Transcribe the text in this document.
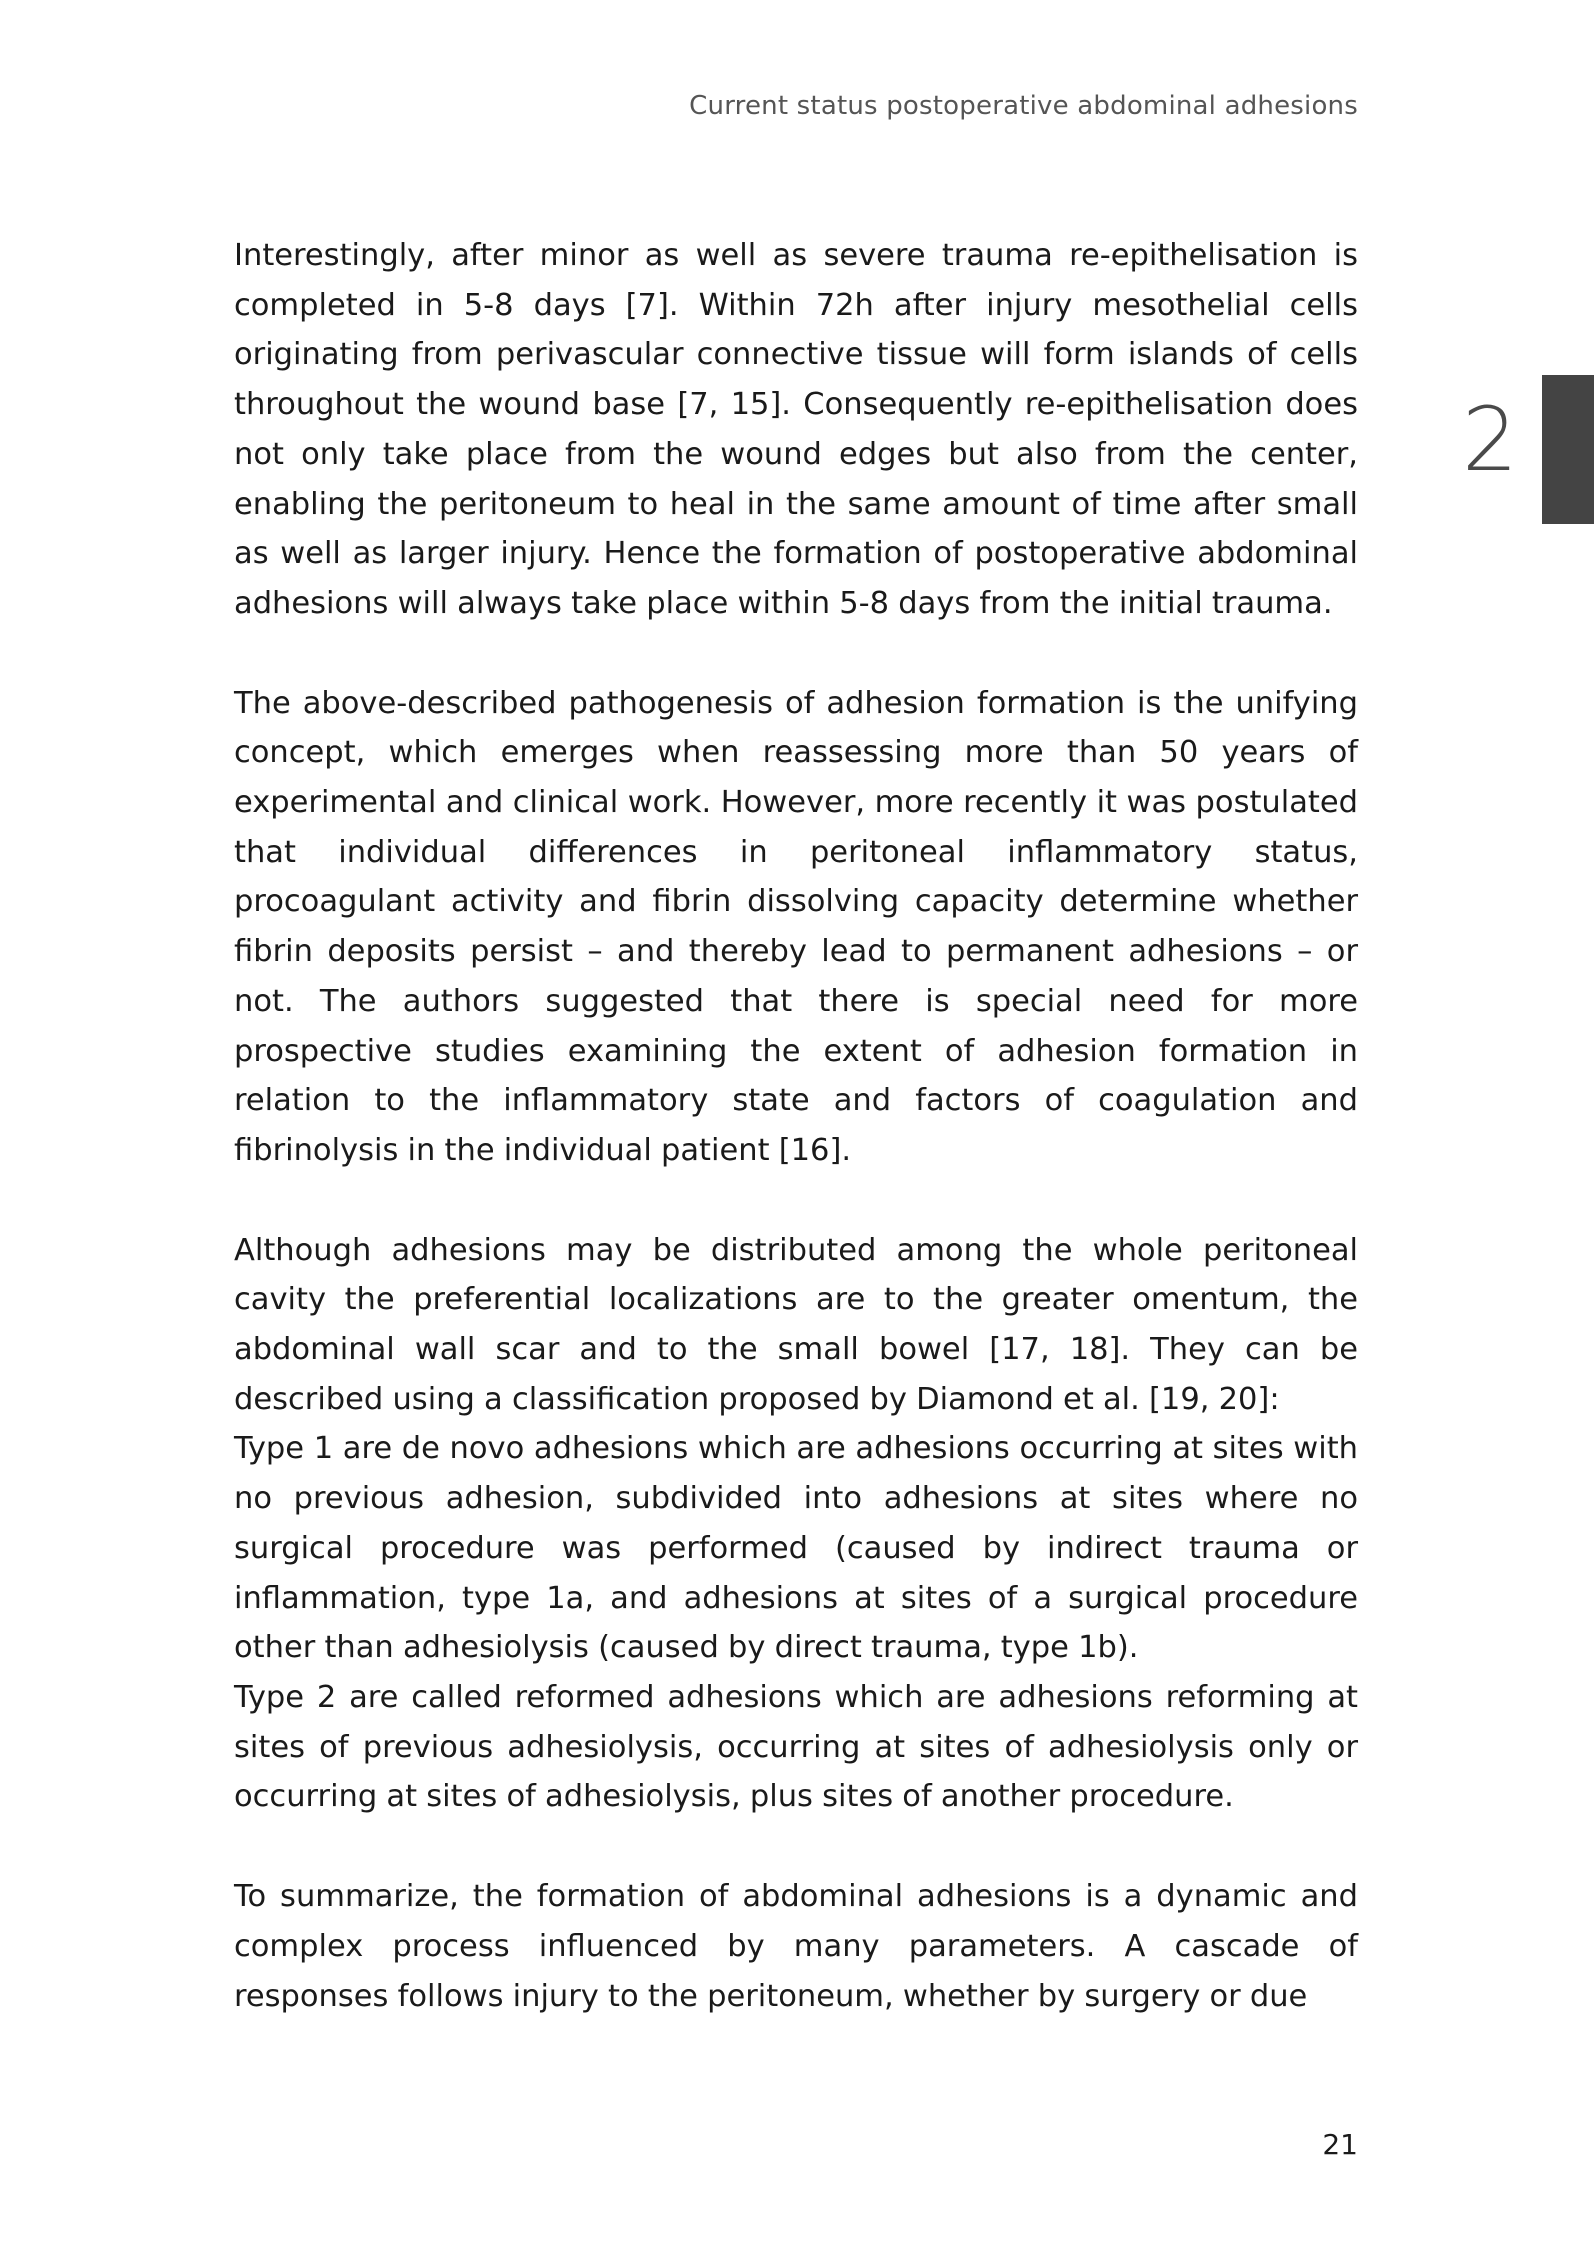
Current status postoperative abdominal adhesions
2

Interestingly, after minor as well as severe trauma re-epithelisation is completed in 5-8 days [7]. Within 72h after injury mesothelial cells originating from perivascular connective tissue will form islands of cells throughout the wound base [7, 15]. Consequently re-epithelisation does not only take place from the wound edges but also from the center, enabling the peritoneum to heal in the same amount of time after small as well as larger injury. Hence the formation of postoperative abdominal adhesions will always take place within 5-8 days from the initial trauma.

The above-described pathogenesis of adhesion formation is the unifying concept, which emerges when reassessing more than 50 years of experimental and clinical work. However, more recently it was postulated that individual differences in peritoneal inflammatory status, procoagulant activity and fibrin dissolving capacity determine whether fibrin deposits persist – and thereby lead to permanent adhesions – or not. The authors suggested that there is special need for more prospective studies examining the extent of adhesion formation in relation to the inflammatory state and factors of coagulation and fibrinolysis in the individual patient [16].

Although adhesions may be distributed among the whole peritoneal cavity the preferential localizations are to the greater omentum, the abdominal wall scar and to the small bowel [17, 18]. They can be described using a classification proposed by Diamond et al. [19, 20]:

Type 1 are de novo adhesions which are adhesions occurring at sites with no previous adhesion, subdivided into adhesions at sites where no surgical procedure was performed (caused by indirect trauma or inflammation, type 1a, and adhesions at sites of a surgical procedure other than adhesiolysis (caused by direct trauma, type 1b).

Type 2 are called reformed adhesions which are adhesions reforming at sites of previous adhesiolysis, occurring at sites of adhesiolysis only or occurring at sites of adhesiolysis, plus sites of another procedure.

To summarize, the formation of abdominal adhesions is a dynamic and complex process influenced by many parameters. A cascade of responses follows injury to the peritoneum, whether by surgery or due

21
